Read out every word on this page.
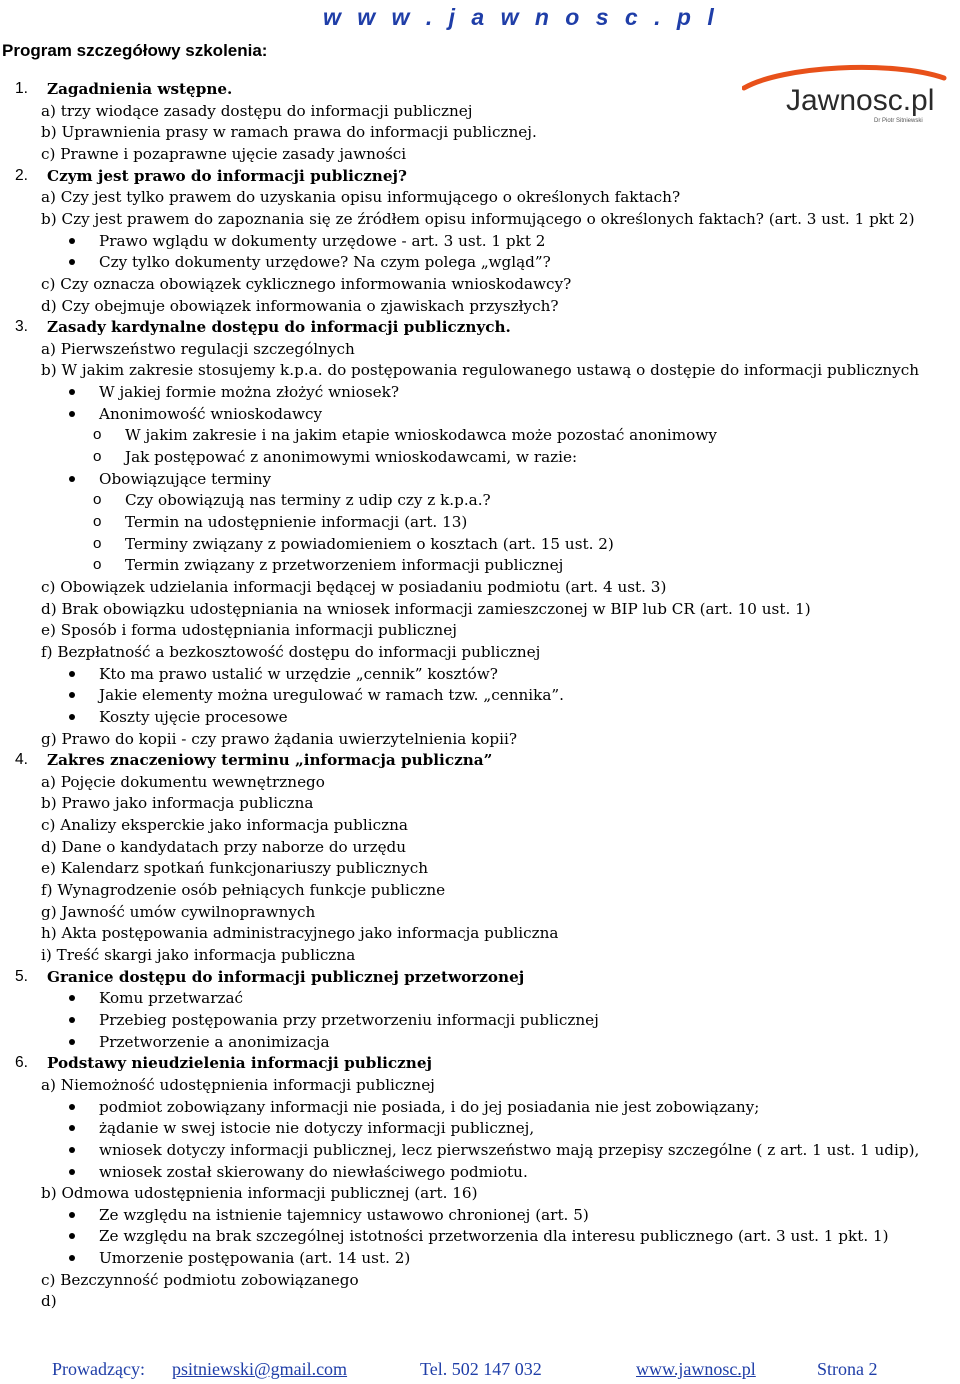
Program szczegółowy szkolenia:
w w w . j a w n o s c . p l
Jawnosc.pl
Dr Piotr Sitniewski
1. Zagadnienia wstępne.
a) trzy wiodące zasady dostępu do informacji publicznej
b) Uprawnienia prasy w ramach prawa do informacji publicznej.
c) Prawne i pozaprawne ujęcie zasady jawności
2. Czym jest prawo do informacji publicznej?
a) Czy jest tylko prawem do uzyskania opisu informującego o określonych faktach?
b) Czy jest prawem do zapoznania się ze źródłem opisu informującego o określonych faktach? (art. 3 ust. 1 pkt 2)
Prawo wglądu w dokumenty urzędowe - art. 3 ust. 1 pkt 2
Czy tylko dokumenty urzędowe? Na czym polega „wgląd”?
c) Czy oznacza obowiązek cyklicznego informowania wnioskodawcy?
d) Czy obejmuje obowiązek informowania o zjawiskach przyszłych?
3. Zasady kardynalne dostępu do informacji publicznych.
a) Pierwszeństwo regulacji szczególnych
b) W jakim zakresie stosujemy k.p.a. do postępowania regulowanego ustawą o dostępie do informacji publicznych
W jakiej formie można złożyć wniosek?
Anonimowość wnioskodawcy
o W jakim zakresie i na jakim etapie wnioskodawca może pozostać anonimowy
o Jak postępować z anonimowymi wnioskodawcami, w razie:
Obowiązujące terminy
o Czy obowiązują nas terminy z udip czy z k.p.a.?
o Termin na udostępnienie informacji (art. 13)
o Terminy związany z powiadomieniem o kosztach (art. 15 ust. 2)
o Termin związany z przetworzeniem informacji publicznej
c) Obowiązek udzielania informacji będącej w posiadaniu podmiotu (art. 4 ust. 3)
d) Brak obowiązku udostępniania na wniosek informacji zamieszczonej w BIP lub CR (art. 10 ust. 1)
e) Sposób i forma udostępniania informacji publicznej
f) Bezpłatność a bezkosztowość dostępu do informacji publicznej
Kto ma prawo ustalić w urzędzie „cennik” kosztów?
Jakie elementy można uregulować w ramach tzw. „cennika”.
Koszty ujęcie procesowe
g) Prawo do kopii - czy prawo żądania uwierzytelnienia kopii?
4. Zakres znaczeniowy terminu „informacja publiczna”
a) Pojęcie dokumentu wewnętrznego
b) Prawo jako informacja publiczna
c) Analizy eksperckie jako informacja publiczna
d) Dane o kandydatach przy naborze do urzędu
e) Kalendarz spotkań funkcjonariuszy publicznych
f) Wynagrodzenie osób pełniących funkcje publiczne
g) Jawność umów cywilnoprawnych
h) Akta postępowania administracyjnego jako informacja publiczna
i) Treść skargi jako informacja publiczna
5. Granice dostępu do informacji publicznej przetworzonej
Komu przetwarzać
Przebieg postępowania przy przetworzeniu informacji publicznej
Przetworzenie a anonimizacja
6. Podstawy nieudzielenia informacji publicznej
a) Niemożność udostępnienia informacji publicznej
podmiot zobowiązany informacji nie posiada, i do jej posiadania nie jest zobowiązany;
żądanie w swej istocie nie dotyczy informacji publicznej,
wniosek dotyczy informacji publicznej, lecz pierwszeństwo mają przepisy szczególne ( z art. 1 ust. 1 udip),
wniosek został skierowany do niewłaściwego podmiotu.
b) Odmowa udostępnienia informacji publicznej (art. 16)
Ze względu na istnienie tajemnicy ustawowo chronionej (art. 5)
Ze względu na brak szczególnej istotności przetworzenia dla interesu publicznego (art. 3 ust. 1 pkt. 1)
Umorzenie postępowania (art. 14 ust. 2)
c) Bezczynność podmiotu zobowiązanego
d)
Prowadzący: psitniewski@gmail.com	Tel. 502 147 032	www.jawnosc.pl	Strona 2
